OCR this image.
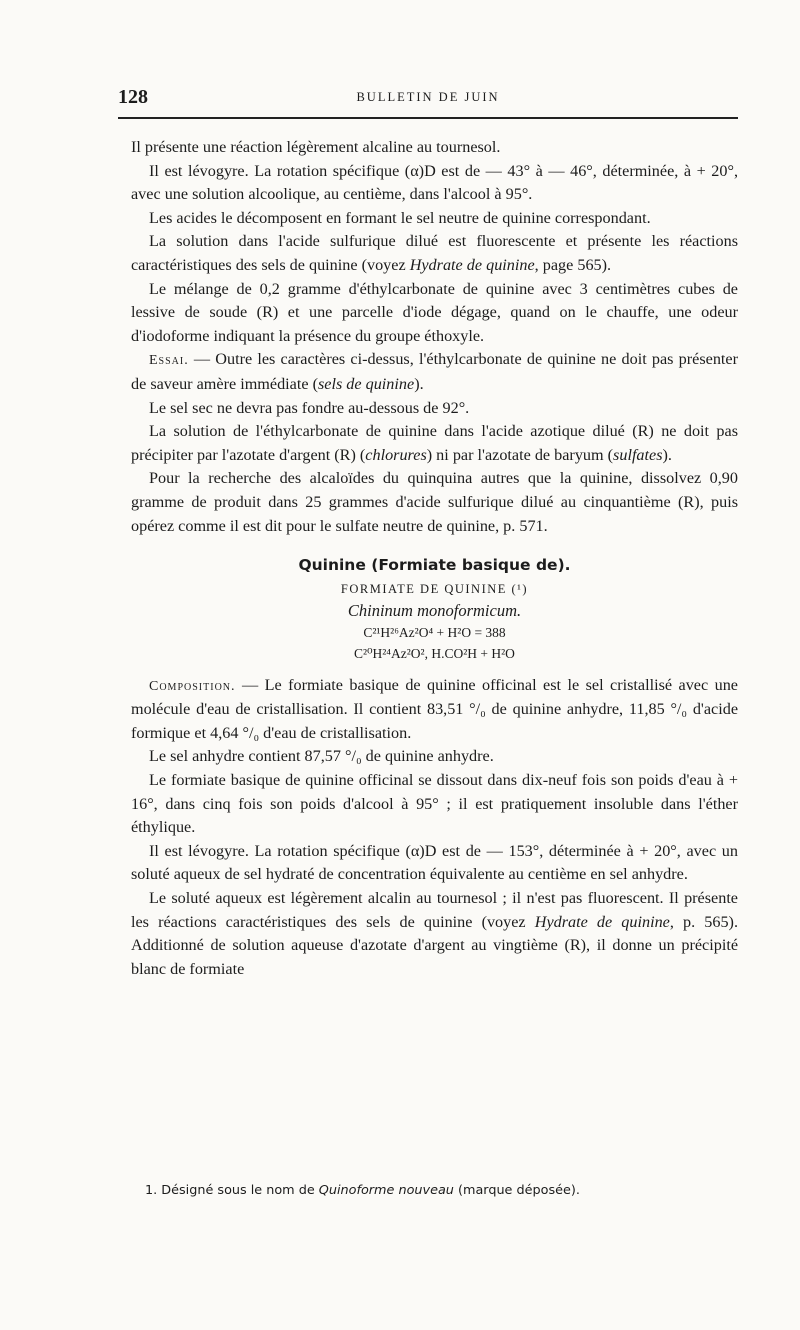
128	BULLETIN DE JUIN

Il présente une réaction légèrement alcaline au tournesol.

Il est lévogyre. La rotation spécifique (α)D est de — 43° à — 46°, déterminée, à + 20°, avec une solution alcoolique, au centième, dans l'alcool à 95°.

Les acides le décomposent en formant le sel neutre de quinine correspondant.

La solution dans l'acide sulfurique dilué est fluorescente et présente les réactions caractéristiques des sels de quinine (voyez Hydrate de quinine, page 565).

Le mélange de 0,2 gramme d'éthylcarbonate de quinine avec 3 centimètres cubes de lessive de soude (R) et une parcelle d'iode dégage, quand on le chauffe, une odeur d'iodoforme indiquant la présence du groupe éthoxyle.

Essai. — Outre les caractères ci-dessus, l'éthylcarbonate de quinine ne doit pas présenter de saveur amère immédiate (sels de quinine).

Le sel sec ne devra pas fondre au-dessous de 92°.

La solution de l'éthylcarbonate de quinine dans l'acide azotique dilué (R) ne doit pas précipiter par l'azotate d'argent (R) (chlorures) ni par l'azotate de baryum (sulfates).

Pour la recherche des alcaloïdes du quinquina autres que la quinine, dissolvez 0,90 gramme de produit dans 25 grammes d'acide sulfurique dilué au cinquantième (R), puis opérez comme il est dit pour le sulfate neutre de quinine, p. 571.

Quinine (Formiate basique de).

FORMIATE DE QUININE (¹)

Chininum monoformicum.

C²¹H²⁶Az²O⁴ + H²O = 388

C²⁰H²⁴Az²O², H.CO²H + H²O

Composition. — Le formiate basique de quinine officinal est le sel cristallisé avec une molécule d'eau de cristallisation. Il contient 83,51 °/₀ de quinine anhydre, 11,85 °/₀ d'acide formique et 4,64 °/₀ d'eau de cristallisation.

Le sel anhydre contient 87,57 °/₀ de quinine anhydre.

Le formiate basique de quinine officinal se dissout dans dix-neuf fois son poids d'eau à + 16°, dans cinq fois son poids d'alcool à 95° ; il est pratiquement insoluble dans l'éther éthylique.

Il est lévogyre. La rotation spécifique (α)D est de — 153°, déterminée à + 20°, avec un soluté aqueux de sel hydraté de concentration équivalente au centième en sel anhydre.

Le soluté aqueux est légèrement alcalin au tournesol ; il n'est pas fluorescent. Il présente les réactions caractéristiques des sels de quinine (voyez Hydrate de quinine, p. 565). Additionné de solution aqueuse d'azotate d'argent au vingtième (R), il donne un précipité blanc de formiate

1. Désigné sous le nom de Quinoforme nouveau (marque déposée).
